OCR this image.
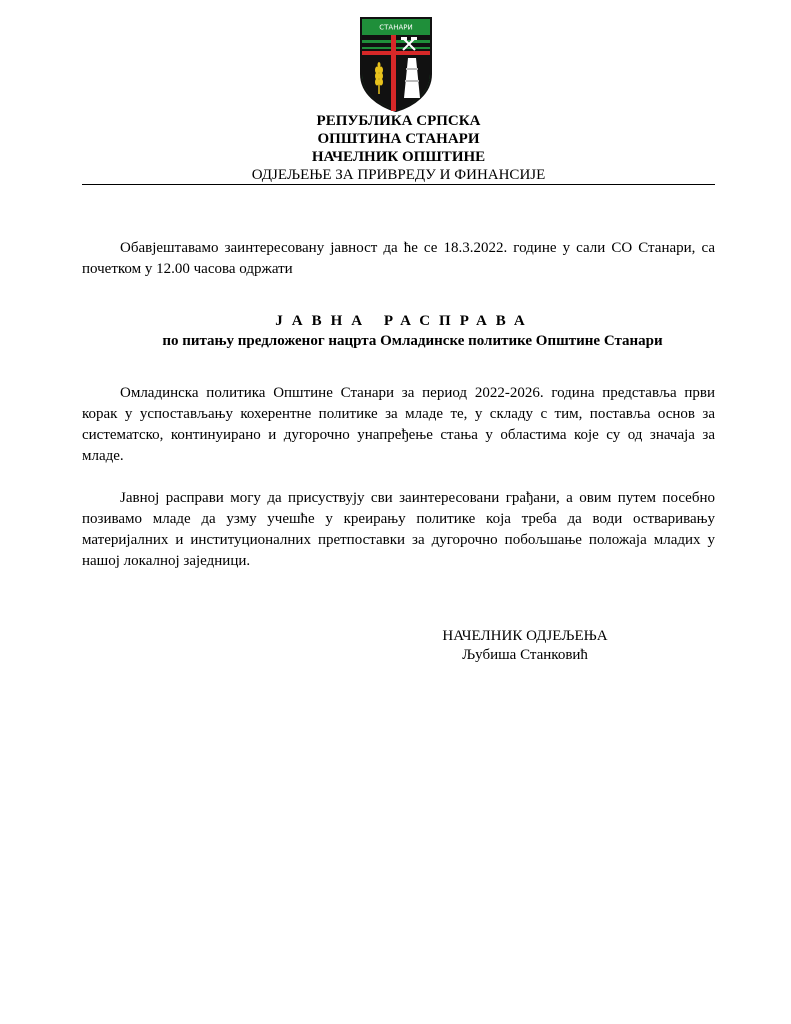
СТАНАРИ

РЕПУБЛИКА СРПСКА

ОПШТИНА СТАНАРИ

НАЧЕЛНИК ОПШТИНЕ

ОДЈЕЉЕЊЕ ЗА ПРИВРЕДУ И ФИНАНСИЈЕ

Обавјештавамо заинтересовану јавност да ће се 18.3.2022. године у сали СО Станари, са почетком у 12.00 часова одржати

ЈАВНА РАСПРАВА

по питању предложеног нацрта Омладинске политике Општине Станари

Омладинска политика Општине Станари за период 2022-2026. година представља први корак у успостављању кохерентне политике за младе те, у складу с тим, поставља основ за систематско, континуирано и дугорочно унапређење стања у областима које су од значаја за младе.

Јавној расправи могу да присуствују сви заинтересовани грађани, а овим путем посебно позивамо младе да узму учешће у креирању политике која треба да води остваривању материјалних и институционалних претпоставки за дугорочно побољшање положаја младих у нашој локалној заједници.

НАЧЕЛНИК ОДЈЕЉЕЊА

Љубиша Станковић
